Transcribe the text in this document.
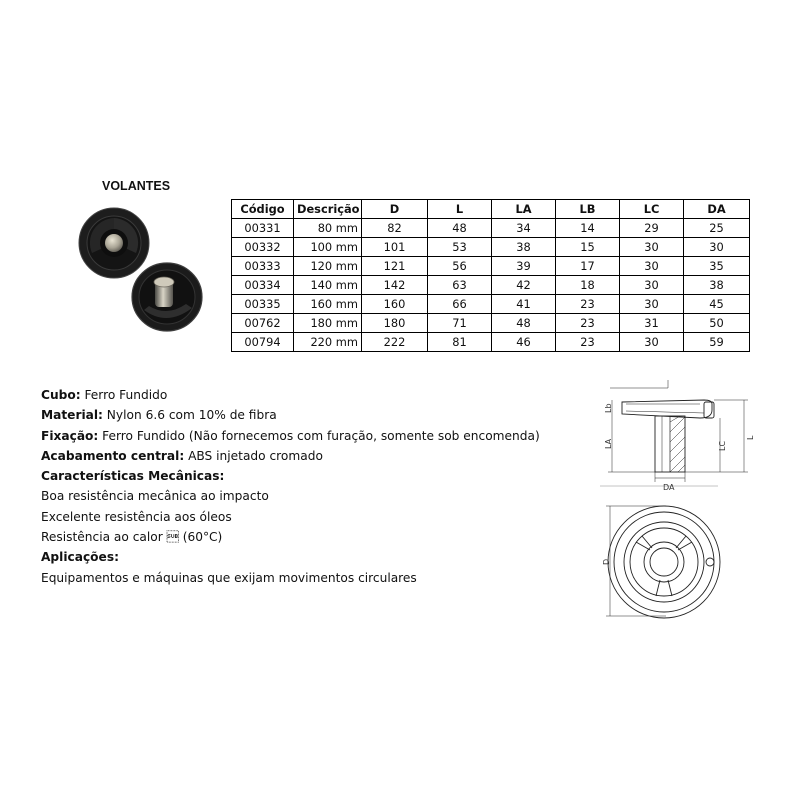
VOLANTES
Código	Descrição	D	L	LA	LB	LC	DA
00331	80 mm	82	48	34	14	29	25
00332	100 mm	101	53	38	15	30	30
00333	120 mm	121	56	39	17	30	35
00334	140 mm	142	63	42	18	30	38
00335	160 mm	160	66	41	23	30	45
00762	180 mm	180	71	48	23	31	50
00794	220 mm	222	81	46	23	30	59
Cubo: Ferro Fundido
Material: Nylon 6.6 com 10% de fibra
Fixação: Ferro Fundido (Não fornecemos com furação, somente sob encomenda)
Acabamento central: ABS injetado cromado
Características Mecânicas:
Boa resistência mecânica ao impacto
Excelente resistência aos óleos
Resistência ao calor  (60°C)
Aplicações:
Equipamentos e máquinas que exijam movimentos circulares
Lb
LA	LC
L
DA
D
